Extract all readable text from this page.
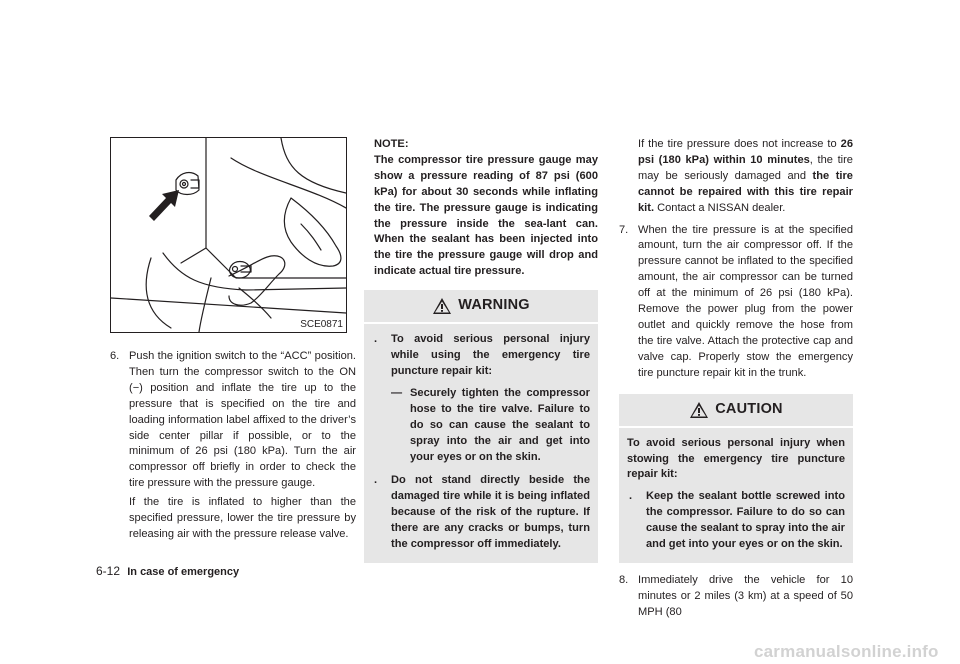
SCE0871
6. Push the ignition switch to the “ACC” position. Then turn the compressor switch to the ON (−) position and inflate the tire up to the pressure that is specified on the tire and loading information label affixed to the driver’s side center pillar if possible, or to the minimum of 26 psi (180 kPa). Turn the air compressor off briefly in order to check the tire pressure with the pressure gauge.

If the tire is inflated to higher than the specified pressure, lower the tire pressure by releasing air with the pressure release valve.

NOTE:

The compressor tire pressure gauge may show a pressure reading of 87 psi (600 kPa) for about 30 seconds while inflating the tire. The pressure gauge is indicating the pressure inside the sea-lant can. When the sealant has been injected into the tire the pressure gauge will drop and indicate actual tire pressure.

WARNING
. To avoid serious personal injury while using the emergency tire puncture repair kit:

— Securely tighten the compressor hose to the tire valve. Failure to do so can cause the sealant to spray into the air and get into your eyes or on the skin.

. Do not stand directly beside the damaged tire while it is being inflated because of the risk of the rupture. If there are any cracks or bumps, turn the compressor off immediately.

If the tire pressure does not increase to 26 psi (180 kPa) within 10 minutes, the tire may be seriously damaged and the tire cannot be repaired with this tire repair kit. Contact a NISSAN dealer.

7. When the tire pressure is at the specified amount, turn the air compressor off. If the pressure cannot be inflated to the specified amount, the air compressor can be turned off at the minimum of 26 psi (180 kPa). Remove the power plug from the power outlet and quickly remove the hose from the tire valve. Attach the protective cap and valve cap. Properly stow the emergency tire puncture repair kit in the trunk.

CAUTION

To avoid serious personal injury when stowing the emergency tire puncture repair kit:

. Keep the sealant bottle screwed into the compressor. Failure to do so can cause the sealant to spray into the air and get into your eyes or on the skin.

8. Immediately drive the vehicle for 10 minutes or 2 miles (3 km) at a speed of 50 MPH (80

6-12 In case of emergency
carmanualsonline.info
